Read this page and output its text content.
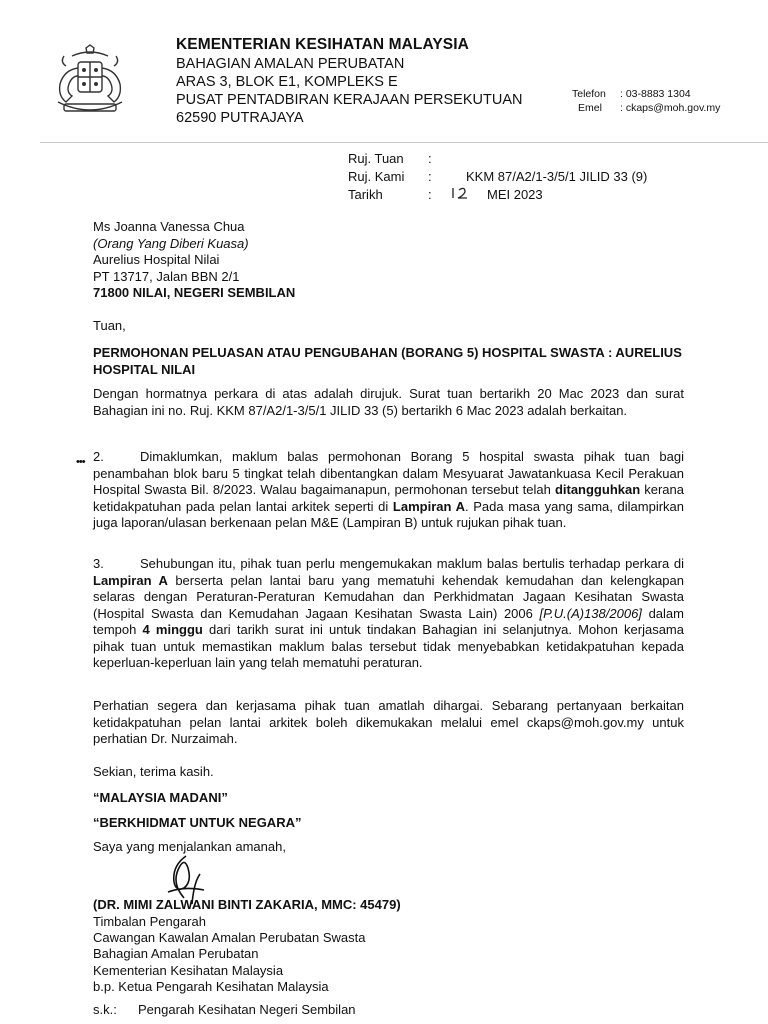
KEMENTERIAN KESIHATAN MALAYSIA
BAHAGIAN AMALAN PERUBATAN
ARAS 3, BLOK E1, KOMPLEKS E
PUSAT PENTADBIRAN KERAJAAN PERSEKUTUAN
62590 PUTRAJAYA
Telefon : 03-8883 1304
Emel : ckaps@moh.gov.my
Ruj. Tuan :
Ruj. Kami :	KKM 87/A2/1-3/5/1 JILID 33 (9)
Tarikh	:	MEI 2023
Ms Joanna Vanessa Chua
(Orang Yang Diberi Kuasa)
Aurelius Hospital Nilai
PT 13717, Jalan BBN 2/1
71800 NILAI, NEGERI SEMBILAN
Tuan,
PERMOHONAN PELUASAN ATAU PENGUBAHAN (BORANG 5) HOSPITAL SWASTA : AURELIUS HOSPITAL NILAI
Dengan hormatnya perkara di atas adalah dirujuk. Surat tuan bertarikh 20 Mac 2023 dan surat Bahagian ini no. Ruj. KKM 87/A2/1-3/5/1 JILID 33 (5) bertarikh 6 Mac 2023 adalah berkaitan.
••• 2.	Dimaklumkan, maklum balas permohonan Borang 5 hospital swasta pihak tuan bagi penambahan blok baru 5 tingkat telah dibentangkan dalam Mesyuarat Jawatankuasa Kecil Perakuan Hospital Swasta Bil. 8/2023. Walau bagaimanapun, permohonan tersebut telah ditangguhkan kerana ketidakpatuhan pada pelan lantai arkitek seperti di Lampiran A. Pada masa yang sama, dilampirkan juga laporan/ulasan berkenaan pelan M&E (Lampiran B) untuk rujukan pihak tuan.
3.	Sehubungan itu, pihak tuan perlu mengemukakan maklum balas bertulis terhadap perkara di Lampiran A berserta pelan lantai baru yang mematuhi kehendak kemudahan dan kelengkapan selaras dengan Peraturan-Peraturan Kemudahan dan Perkhidmatan Jagaan Kesihatan Swasta (Hospital Swasta dan Kemudahan Jagaan Kesihatan Swasta Lain) 2006 [P.U.(A)138/2006] dalam tempoh 4 minggu dari tarikh surat ini untuk tindakan Bahagian ini selanjutnya. Mohon kerjasama pihak tuan untuk memastikan maklum balas tersebut tidak menyebabkan ketidakpatuhan kepada keperluan-keperluan lain yang telah mematuhi peraturan.
Perhatian segera dan kerjasama pihak tuan amatlah dihargai. Sebarang pertanyaan berkaitan ketidakpatuhan pelan lantai arkitek boleh dikemukakan melalui emel ckaps@moh.gov.my untuk perhatian Dr. Nurzaimah.
Sekian, terima kasih.
“MALAYSIA MADANI”
“BERKHIDMAT UNTUK NEGARA”
Saya yang menjalankan amanah,
(DR. MIMI ZALWANI BINTI ZAKARIA, MMC: 45479)
Timbalan Pengarah
Cawangan Kawalan Amalan Perubatan Swasta
Bahagian Amalan Perubatan
Kementerian Kesihatan Malaysia
b.p. Ketua Pengarah Kesihatan Malaysia
s.k.: Pengarah Kesihatan Negeri Sembilan
